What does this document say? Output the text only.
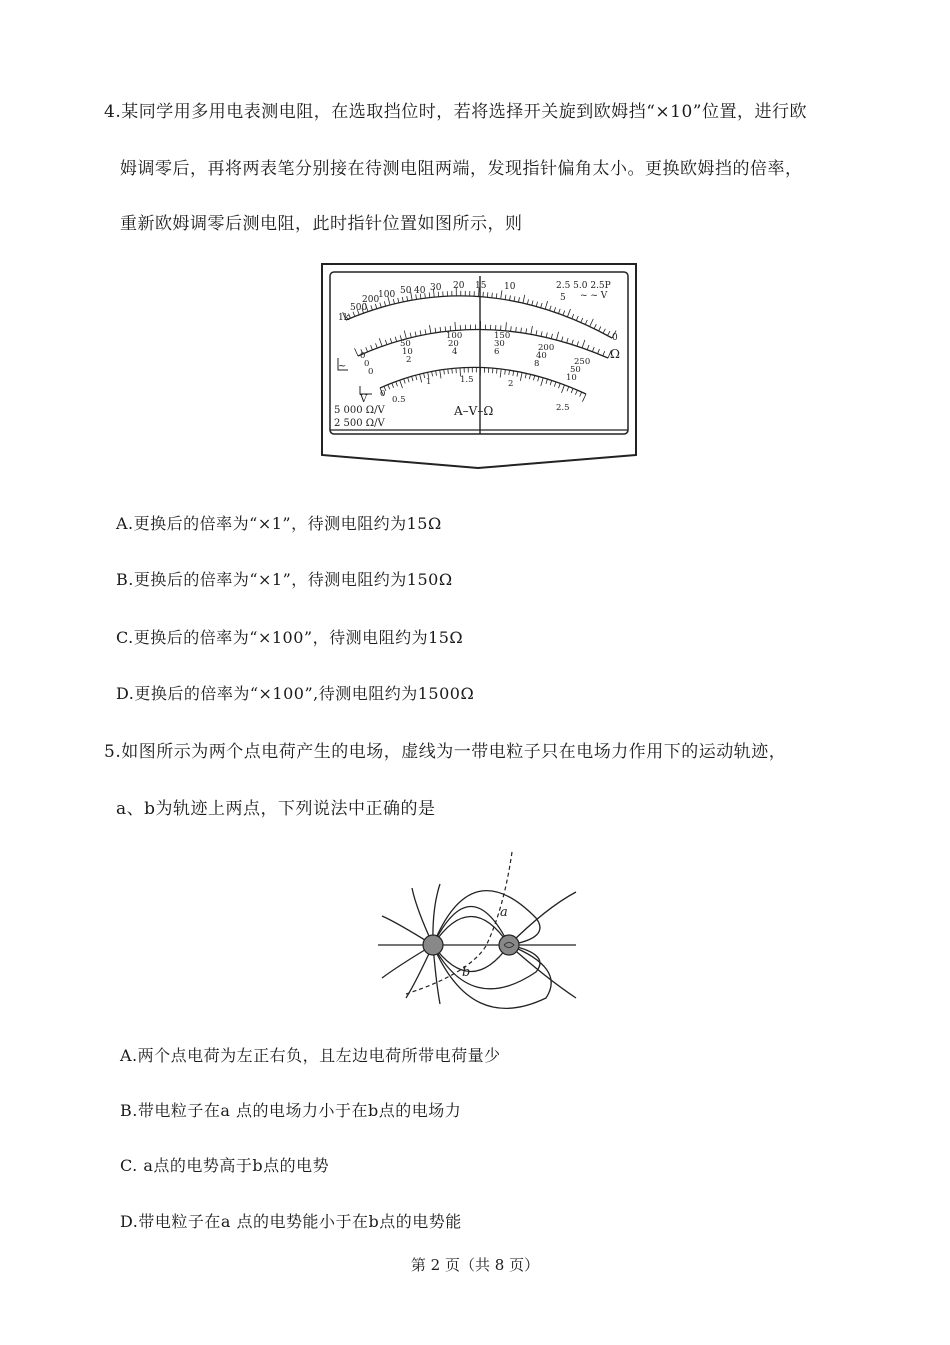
4.某同学用多用电表测电阻，在选取挡位时，若将选择开关旋到欧姆挡“×10”位置，进行欧
姆调零后，再将两表笔分别接在待测电阻两端，发现指针偏角太小。更换欧姆挡的倍率，
重新欧姆调零后测电阻，此时指针位置如图所示，则
1k
500
200
100 50 40 30 20 15 10	2.5 5.0 2.5P
~ ~ V
5
0
Ω
0
50
100	150
200
250
0
10
20	30
40
50
0
2
4	6
8
10
0
0.5
1	1.5	2
2.5
~
V
A–V–Ω
5 000 Ω/V
2 500 Ω/V
A.更换后的倍率为“×1”，待测电阻约为15Ω
B.更换后的倍率为“×1”，待测电阻约为150Ω
C.更换后的倍率为“×100”，待测电阻约为15Ω
D.更换后的倍率为“×100”,待测电阻约为1500Ω
5.如图所示为两个点电荷产生的电场，虚线为一带电粒子只在电场力作用下的运动轨迹，
a、b为轨迹上两点，下列说法中正确的是
a
b
A.两个点电荷为左正右负，且左边电荷所带电荷量少
B.带电粒子在a 点的电场力小于在b点的电场力
C. a点的电势高于b点的电势
D.带电粒子在a 点的电势能小于在b点的电势能
第 2 页（共 8 页）
